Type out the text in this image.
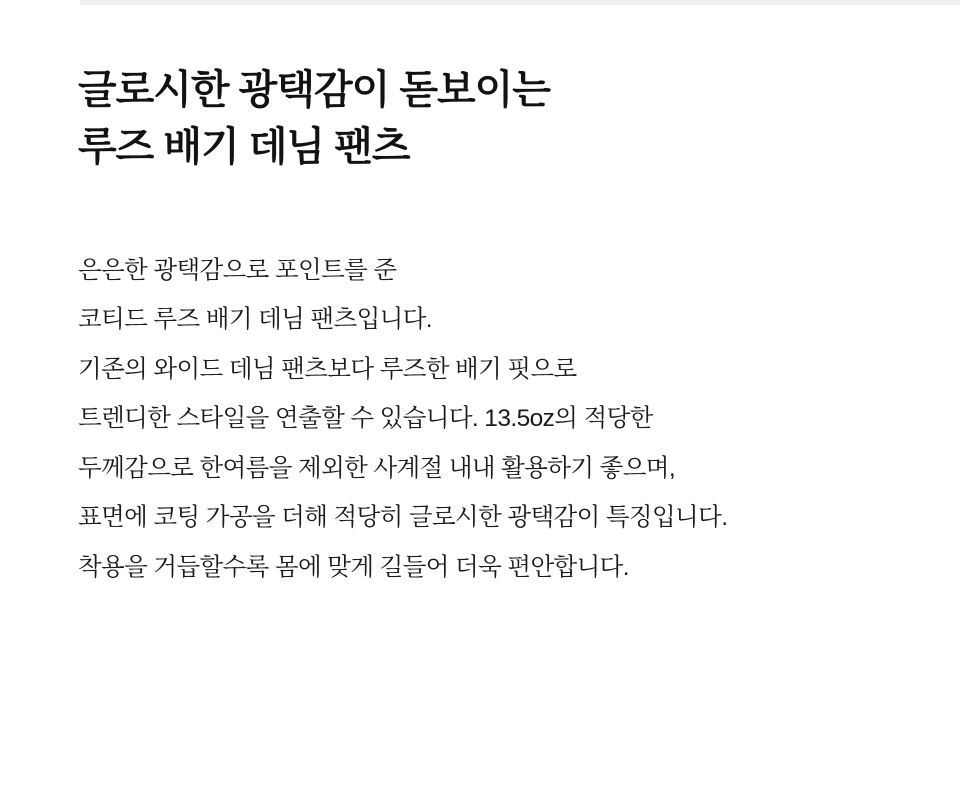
글로시한 광택감이 돋보이는
루즈 배기 데님 팬츠
은은한 광택감으로 포인트를 준
코티드 루즈 배기 데님 팬츠입니다.
기존의 와이드 데님 팬츠보다 루즈한 배기 핏으로
트렌디한 스타일을 연출할 수 있습니다. 13.5oz의 적당한
두께감으로 한여름을 제외한 사계절 내내 활용하기 좋으며,
표면에 코팅 가공을 더해 적당히 글로시한 광택감이 특징입니다.
착용을 거듭할수록 몸에 맞게 길들어 더욱 편안합니다.
